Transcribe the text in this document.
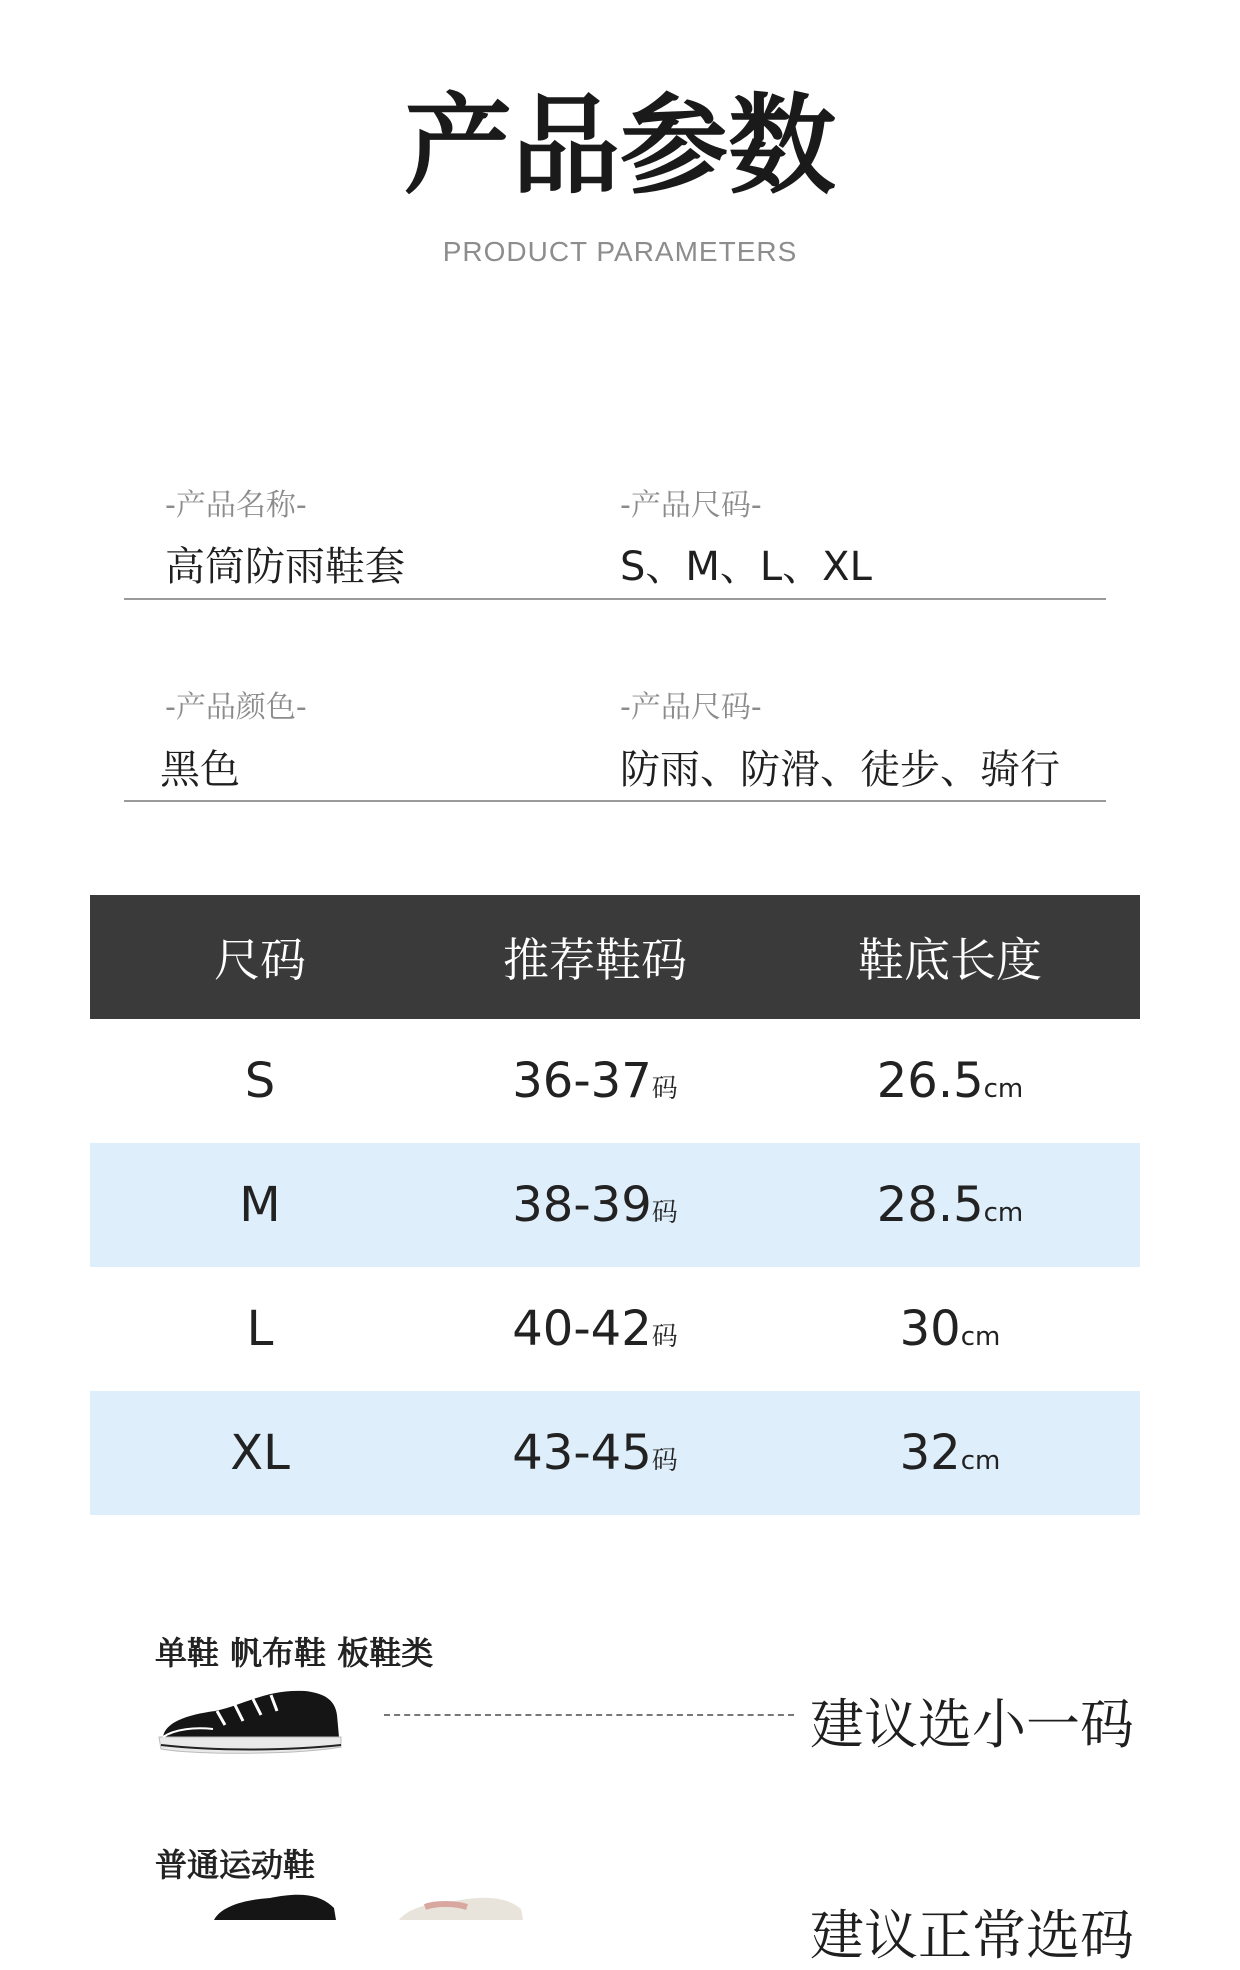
产品参数
PRODUCT PARAMETERS
-产品名称-
高筒防雨鞋套
-产品尺码-
S、M、L、XL
-产品颜色-
黑色
-产品尺码-
防雨、防滑、徒步、骑行
尺码	推荐鞋码	鞋底长度
S	36-37码	26.5cm
M	38-39码	28.5cm
L	40-42码	30cm
XL	43-45码	32cm
单鞋 帆布鞋 板鞋类
建议选小一码
普通运动鞋
建议正常选码
